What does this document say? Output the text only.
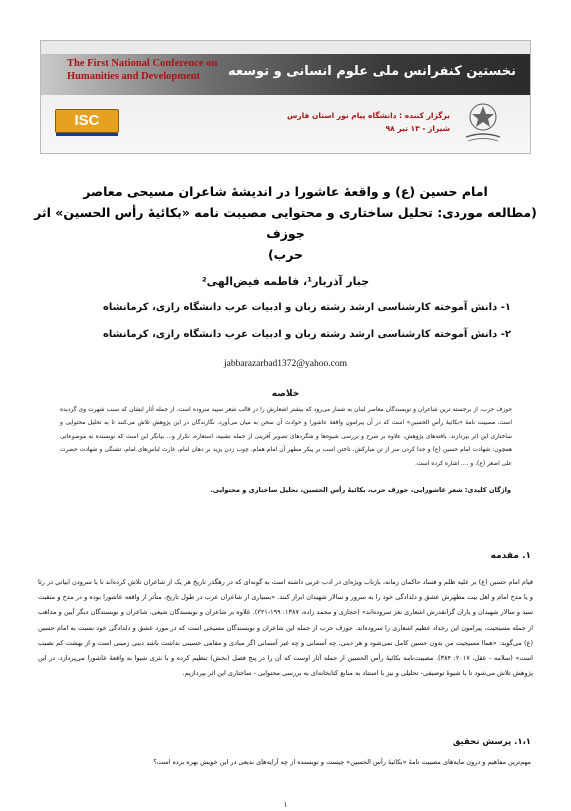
The First National Conference on
Humanities and Development	نخستین کنفرانس ملی علوم انسانی و توسعه
ISC	برگزار کننده : دانشگاه پیام نور استان فارس
شیراز - ۱۳ تیر ۹۸
امام حسین (ع) و واقعۀ عاشورا در اندیشۀ شاعران مسیحی معاصر
(مطالعه موردی: تحلیل ساختاری و محتوایی مصیبت نامه «بکائیۀ رأس الحسین» اثر جوزف
حرب)
جبار آذربار¹، فاطمه فیض‌الهی²
۱- دانش آموخته کارشناسی ارشد رشته زبان و ادبیات عرب دانشگاه رازی، کرمانشاه
۲- دانش آموخته کارشناسی ارشد رشته زبان و ادبیات عرب دانشگاه رازی، کرمانشاه
jabbarazarbad1372@yahoo.com
خلاصه
جوزف حرب، از برجسته ترین شاعران و نویسندگان معاصر لبنان به شمار می‌رود که بیشتر اشعارش را در قالب شعر سپید سروده است. از جمله آثار ایشان که سبب شهرت وی گردیده است، مصیبت نامۀ «بکائیۀ رأس الحسین» است که در آن پیرامون واقعۀ عاشورا و حوادث آن سخن به میان می‌آورد. نگارندگان در این پژوهش تلاش می‌کنند تا به تحلیل محتوایی و ساختاری این اثر بپردازند. یافته‌های پژوهش، علاوه بر شرح و بررسی شیوه‌ها و شگردهای تصویر آفرینی از جمله تشبیه، استعاره، تکرار و... بیانگر این است که نویسنده به موضوعاتی همچون: شهادت امام حسین (ع) و جدا کردن سر از تن مبارکش، تاختن اسب بر پیکر مطهر آن امام همام، چوب زدن یزید بر دهان امام، غارت لباس‌های امام، تشنگی و شهادت حضرت علی اصغر (ع)، و .... اشاره کرده است.
واژگان کلیدی: شعر عاشورایی، جوزف حرب، بکائیۀ رأس الحسین، تحلیل ساختاری و محتوایی.
۱. مقدمه
قیام امام حسین (ع) بر علیه ظلم و فساد حاکمان زمانه، بازتاب ویژه‌ای در ادب عربی داشته است به گونه‌ای که در رهگذر تاریخ هر یک از شاعران تلاش کرده‌اند تا با سرودن ابیاتی در رثا و یا مدح امام و اهل بیت مطهرش عشق و دلدادگی خود را به سرور و سالار شهیدان ابراز کنند. «بسیاری از شاعران عرب در طول تاریخ، متأثر از واقعه عاشورا بوده و در مدح و منقبت سید و سالار شهیدان و یاران گرانقدرش اشعاری نغز سروده‌اند» (حجازی و محمد زاده، ۱۳۸۷: ۱۹۹-۲۲۱). علاوه بر شاعران و نویسندگان شیعی، شاعران و نویسندگان دیگر آیین و مذاهب از جمله مسیحیت، پیرامون این رخداد عظیم اشعاری را سروده‌اند. جوزف حرب از جمله این شاعران و نویسندگان مسیحی است که در مورد عشق و دلدادگی خود نسبت به امام حسین (ع) می‌گوید: «هماا مسیحیت من بدون حسین کامل نمی‌شود و هر دینی، چه آسمانی و چه غیر آسمانی اگر مبادی و مقامی حسینی نداشت باشد دینی زمینی است و از بهشت کم نصیب است» (سلامه - عقل، ۲۰۱۷: ۳۸۴). مصیبت‌نامه بکائیۀ رأس الحسین از جمله آثار اوست که آن را در پنج فصل (بخش) تنظیم کرده و با نثری شیوا به واقعۀ عاشورا می‌پردازد. در این پژوهش تلاش می‌شود تا با شیوۀ توصیفی- تحلیلی و نیز با استناد به منابع کتابخانه‌ای به بررسی محتوایی - ساختاری این اثر بپردازیم.
۱،۱. پرسش تحقیق
مهم‌ترین مفاهیم و درون مایه‌های مصیبت نامۀ «بکائیۀ رأس الحسین» چیست و نویسنده از چه آرایه‌های بدیعی در این خویش بهره برده است؟
۱
